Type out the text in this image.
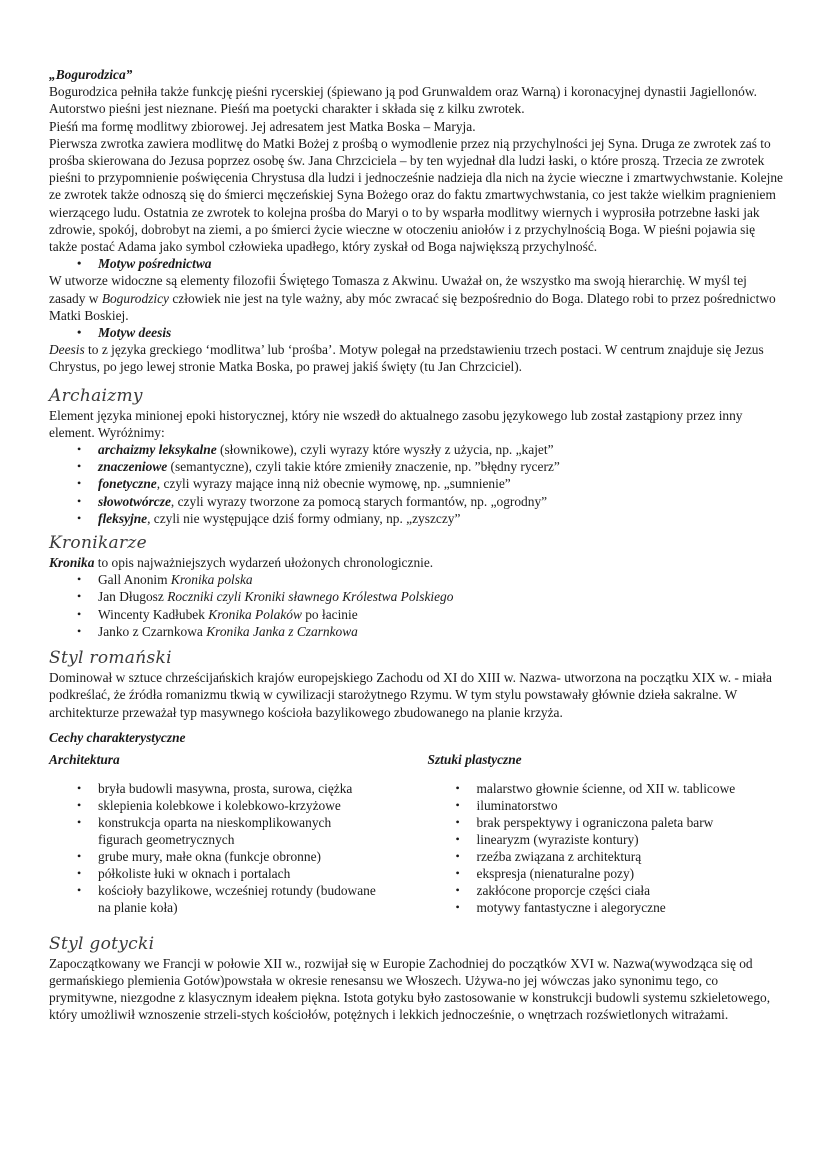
„Bogurodzica”

Bogurodzica pełniła także funkcję pieśni rycerskiej (śpiewano ją pod Grunwaldem oraz Warną) i koronacyjnej dynastii Jagiellonów. Autorstwo pieśni jest nieznane. Pieśń ma poetycki charakter i składa się z kilku zwrotek.

Pieśń ma formę modlitwy zbiorowej. Jej adresatem jest Matka Boska – Maryja.

Pierwsza zwrotka zawiera modlitwę do Matki Bożej z prośbą o wymodlenie przez nią przychylności jej Syna. Druga ze zwrotek zaś to prośba skierowana do Jezusa poprzez osobę św. Jana Chrzciciela – by ten wyjednał dla ludzi łaski, o które proszą. Trzecia ze zwrotek pieśni to przypomnienie poświęcenia Chrystusa dla ludzi i jednocześnie nadzieja dla nich na życie wieczne i zmartwychwstanie. Kolejne ze zwrotek także odnoszą się do śmierci męczeńskiej Syna Bożego oraz do faktu zmartwychwstania, co jest także wielkim pragnieniem wierzącego ludu. Ostatnia ze zwrotek to kolejna prośba do Maryi o to by wsparła modlitwy wiernych i wyprosiła potrzebne łaski jak zdrowie, spokój, dobrobyt na ziemi, a po śmierci życie wieczne w otoczeniu aniołów i z przychylnością Boga. W pieśni pojawia się także postać Adama jako symbol człowieka upadłego, który zyskał od Boga największą przychylność.

• Motyw pośrednictwa

W utworze widoczne są elementy filozofii Świętego Tomasza z Akwinu. Uważał on, że wszystko ma swoją hierarchię. W myśl tej zasady w Bogurodzicy człowiek nie jest na tyle ważny, aby móc zwracać się bezpośrednio do Boga. Dlatego robi to przez pośrednictwo Matki Boskiej.

• Motyw deesis

Deesis to z języka greckiego ‘modlitwa’ lub ‘prośba’. Motyw polegał na przedstawieniu trzech postaci. W centrum znajduje się Jezus Chrystus, po jego lewej stronie Matka Boska, po prawej jakiś święty (tu Jan Chrzciciel).

Archaizmy

Element języka minionej epoki historycznej, który nie wszedł do aktualnego zasobu językowego lub został zastąpiony przez inny element. Wyróżnimy:

• archaizmy leksykalne (słownikowe), czyli wyrazy które wyszły z użycia, np. „kajet”
• znaczeniowe (semantyczne), czyli takie które zmieniły znaczenie, np. ”błędny rycerz”
• fonetyczne, czyli wyrazy mające inną niż obecnie wymowę, np. „sumnienie”
• słowotwórcze, czyli wyrazy tworzone za pomocą starych formantów, np. „ogrodny”
• fleksyjne, czyli nie występujące dziś formy odmiany, np. „zyszczy”
Kronikarze

Kronika to opis najważniejszych wydarzeń ułożonych chronologicznie.

• Gall Anonim Kronika polska
• Jan Długosz Roczniki czyli Kroniki sławnego Królestwa Polskiego
• Wincenty Kadłubek Kronika Polaków po łacinie
• Janko z Czarnkowa Kronika Janka z Czarnkowa
Styl romański

Dominował w sztuce chrześcijańskich krajów europejskiego Zachodu od XI do XIII w. Nazwa- utworzona na początku XIX w. - miała podkreślać, że źródła romanizmu tkwią w cywilizacji starożytnego Rzymu. W tym stylu powstawały głównie dzieła sakralne. W architekturze przeważał typ masywnego kościoła bazylikowego zbudowanego na planie krzyża.

Cechy charakterystyczne

Architektura
• bryła budowli masywna, prosta, surowa, ciężka
• sklepienia kolebkowe i kolebkowo-krzyżowe
• konstrukcja oparta na nieskomplikowanych figurach geometrycznych
• grube mury, małe okna (funkcje obronne)
• półkoliste łuki w oknach i portalach
• kościoły bazylikowe, wcześniej rotundy (budowane na planie koła)
Sztuki plastyczne
• malarstwo głownie ścienne, od XII w. tablicowe
• iluminatorstwo
• brak perspektywy i ograniczona paleta barw
• linearyzm (wyraziste kontury)
• rzeźba związana z architekturą
• ekspresja (nienaturalne pozy)
• zakłócone proporcje części ciała
• motywy fantastyczne i alegoryczne
Styl gotycki

Zapoczątkowany we Francji w połowie XII w., rozwijał się w Europie Zachodniej do początków XVI w. Nazwa(wywodząca się od germańskiego plemienia Gotów)powstała w okresie renesansu we Włoszech. Używa-no jej wówczas jako synonimu tego, co prymitywne, niezgodne z klasycznym ideałem piękna. Istota gotyku było zastosowanie w konstrukcji budowli systemu szkieletowego, który umożliwił wznoszenie strzeli-stych kościołów, potężnych i lekkich jednocześnie, o wnętrzach rozświetlonych witrażami.
